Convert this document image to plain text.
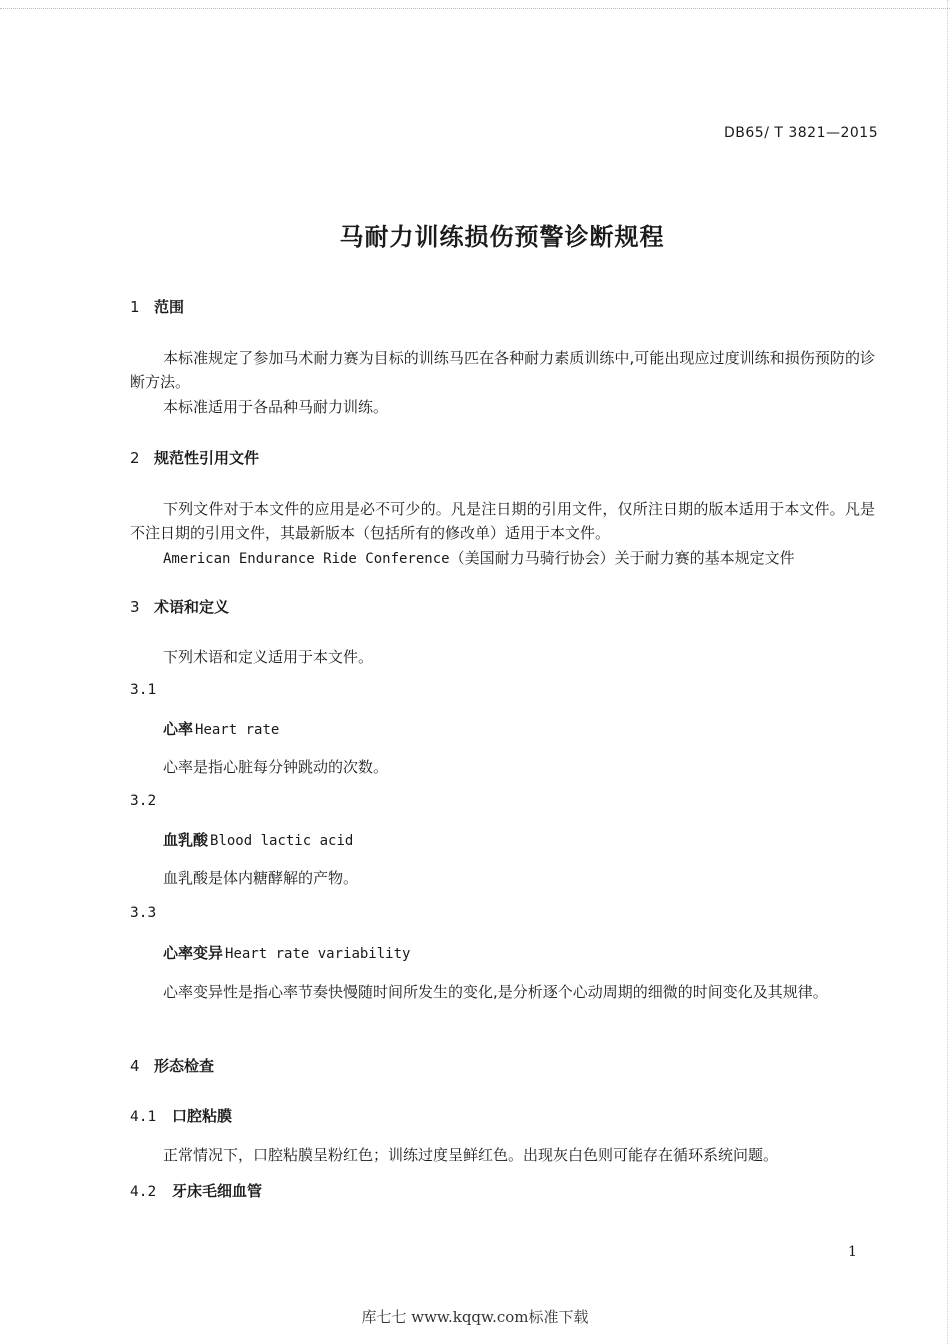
DB65/ T 3821—2015
马耐力训练损伤预警诊断规程
1 范围
本标准规定了参加马术耐力赛为目标的训练马匹在各种耐力素质训练中,可能出现应过度训练和损伤预防的诊断方法。
本标准适用于各品种马耐力训练。
2 规范性引用文件
下列文件对于本文件的应用是必不可少的。凡是注日期的引用文件，仅所注日期的版本适用于本文件。凡是不注日期的引用文件，其最新版本（包括所有的修改单）适用于本文件。
American Endurance Ride Conference（美国耐力马骑行协会）关于耐力赛的基本规定文件
3 术语和定义
下列术语和定义适用于本文件。
3.1
心率 Heart rate
心率是指心脏每分钟跳动的次数。
3.2
血乳酸 Blood lactic acid
血乳酸是体内糖酵解的产物。
3.3
心率变异 Heart rate variability
心率变异性是指心率节奏快慢随时间所发生的变化,是分析逐个心动周期的细微的时间变化及其规律。
4 形态检查
4.1 口腔粘膜
正常情况下，口腔粘膜呈粉红色；训练过度呈鲜红色。出现灰白色则可能存在循环系统问题。
4.2 牙床毛细血管
1
库七七 www.kqqw.com标准下载
